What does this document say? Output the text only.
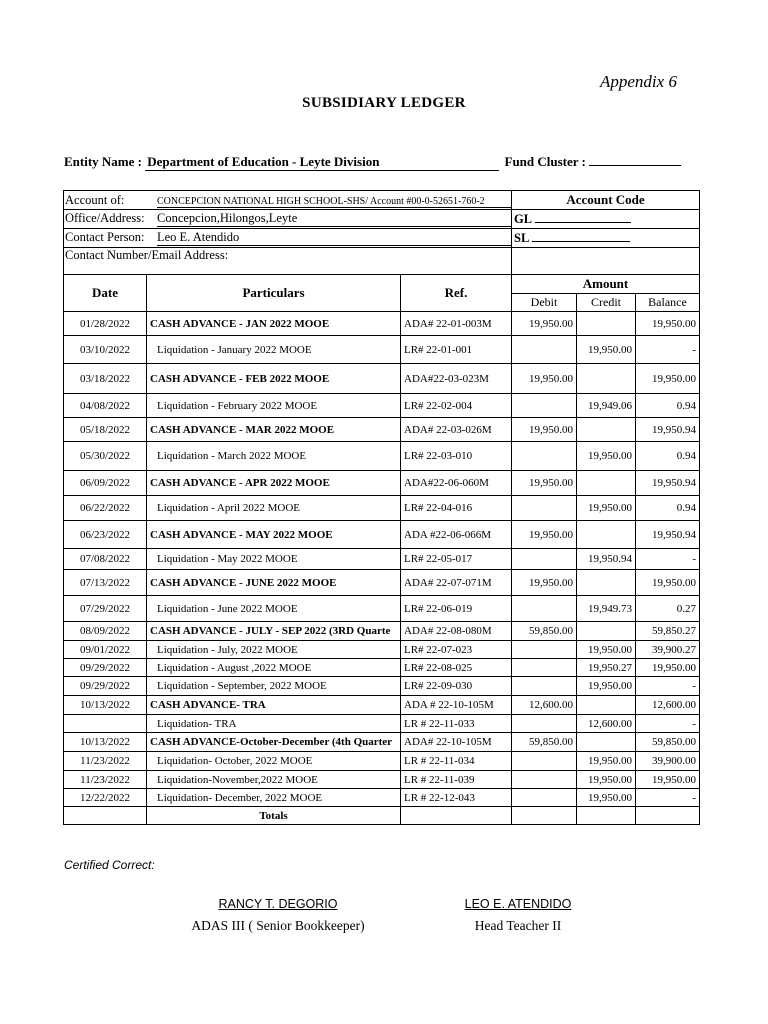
Appendix 6
SUBSIDIARY LEDGER
Entity Name : Department of Education - Leyte Division	Fund Cluster :
Account of: CONCEPCION NATIONAL HIGH SCHOOL-SHS/ Account #00-0-52651-760-2			Account Code		
Office/Address: Concepcion,Hilongos,Leyte			GL		
Contact Person: Leo E. Atendido			SL		
Contact Number/Email Address:					
Date	Particulars	Ref.	Amount		
			Debit	Credit	Balance
01/28/2022	CASH ADVANCE - JAN 2022 MOOE	ADA# 22-01-003M	19,950.00		19,950.00
03/10/2022	Liquidation - January 2022 MOOE	LR# 22-01-001		19,950.00	-
03/18/2022	CASH ADVANCE - FEB 2022 MOOE	ADA#22-03-023M	19,950.00		19,950.00
04/08/2022	Liquidation - February 2022 MOOE	LR# 22-02-004		19,949.06	0.94
05/18/2022	CASH ADVANCE - MAR 2022 MOOE	ADA# 22-03-026M	19,950.00		19,950.94
05/30/2022	Liquidation - March 2022 MOOE	LR# 22-03-010		19,950.00	0.94
06/09/2022	CASH ADVANCE - APR 2022 MOOE	ADA#22-06-060M	19,950.00		19,950.94
06/22/2022	Liquidation - April 2022 MOOE	LR# 22-04-016		19,950.00	0.94
06/23/2022	CASH ADVANCE - MAY 2022 MOOE	ADA #22-06-066M	19,950.00		19,950.94
07/08/2022	Liquidation - May 2022 MOOE	LR# 22-05-017		19,950.94	-
07/13/2022	CASH ADVANCE - JUNE 2022 MOOE	ADA# 22-07-071M	19,950.00		19,950.00
07/29/2022	Liquidation - June 2022 MOOE	LR# 22-06-019		19,949.73	0.27
08/09/2022	CASH ADVANCE - JULY - SEP 2022 (3RD Quarte	ADA# 22-08-080M	59,850.00		59,850.27
09/01/2022	Liquidation - July, 2022 MOOE	LR# 22-07-023		19,950.00	39,900.27
09/29/2022	Liquidation - August ,2022 MOOE	LR# 22-08-025		19,950.27	19,950.00
09/29/2022	Liquidation - September, 2022 MOOE	LR# 22-09-030		19,950.00	-
10/13/2022	CASH ADVANCE- TRA	ADA # 22-10-105M	12,600.00		12,600.00
	Liquidation- TRA	LR # 22-11-033		12,600.00	-
10/13/2022	CASH ADVANCE-October-December (4th Quarter	ADA# 22-10-105M	59,850.00		59,850.00
11/23/2022	Liquidation- October, 2022 MOOE	LR # 22-11-034		19,950.00	39,900.00
11/23/2022	Liquidation-November,2022 MOOE	LR # 22-11-039		19,950.00	19,950.00
12/22/2022	Liquidation- December, 2022 MOOE	LR # 22-12-043		19,950.00	-
	Totals				
Certified Correct:
RANCY T. DEGORIO
ADAS III ( Senior Bookkeeper)
LEO E. ATENDIDO
Head Teacher II
